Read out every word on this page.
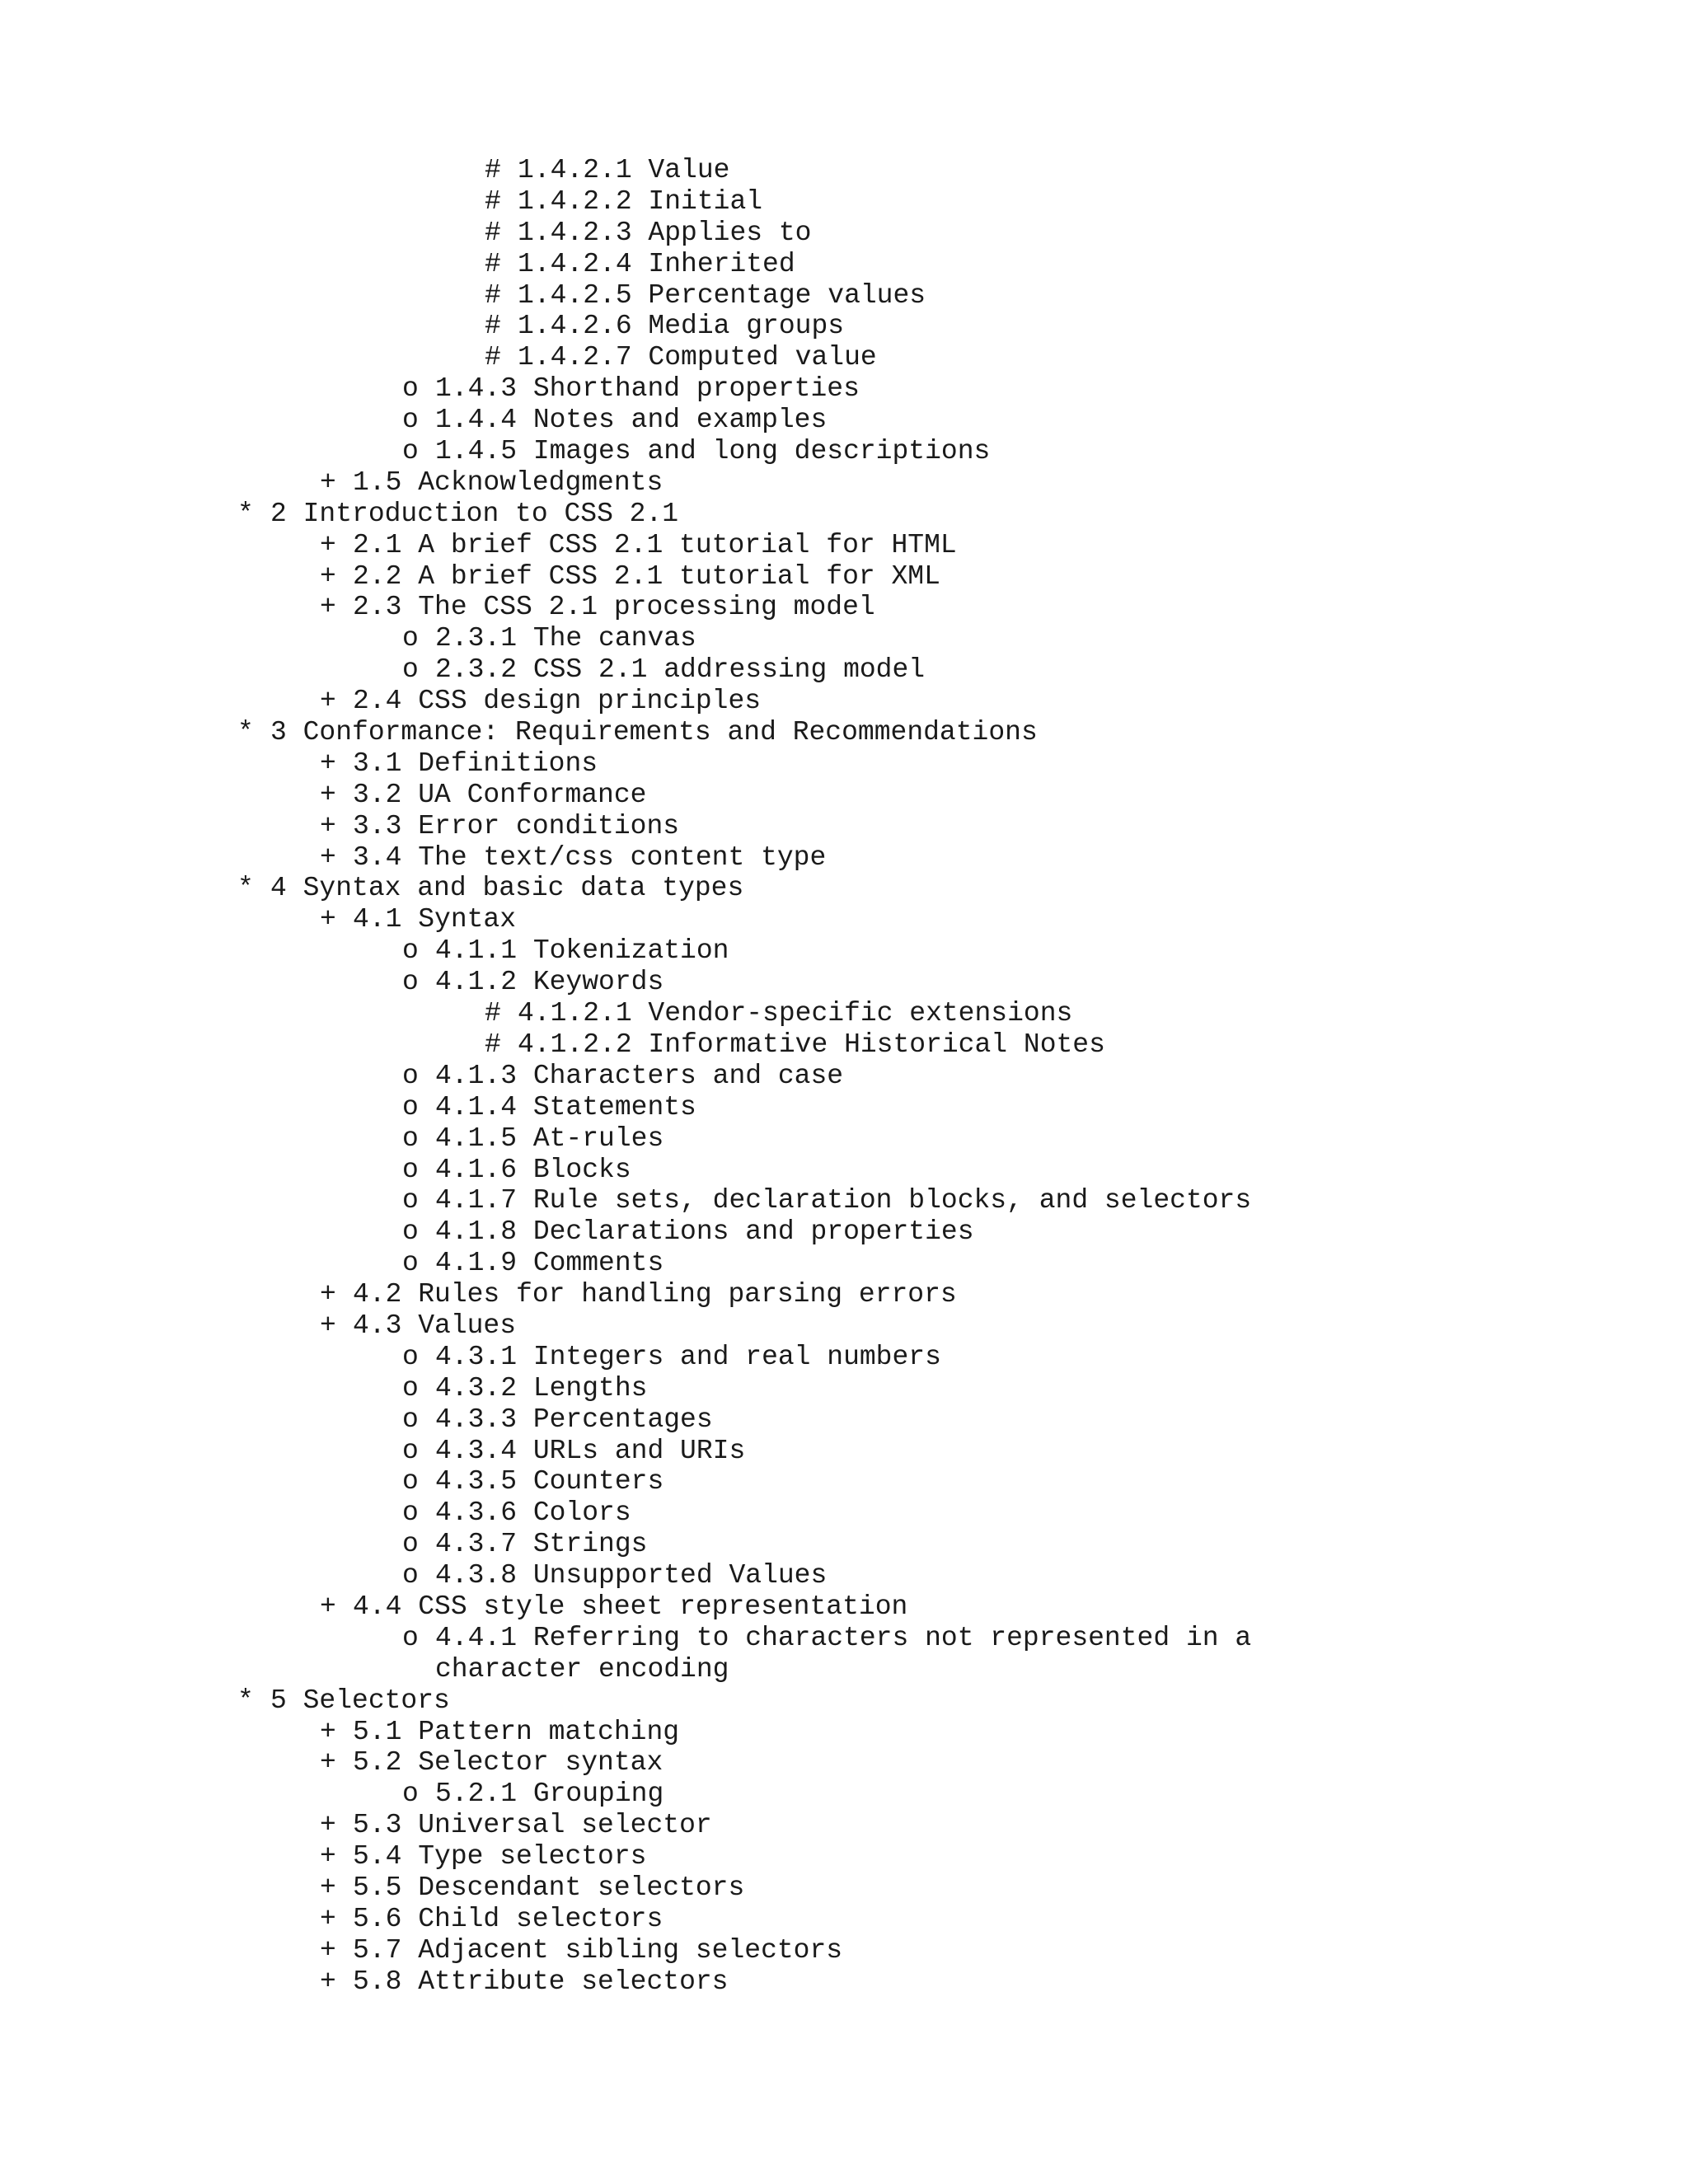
# 1.4.2.1 Value
# 1.4.2.2 Initial
# 1.4.2.3 Applies to
# 1.4.2.4 Inherited
# 1.4.2.5 Percentage values
# 1.4.2.6 Media groups
# 1.4.2.7 Computed value
o 1.4.3 Shorthand properties
o 1.4.4 Notes and examples
o 1.4.5 Images and long descriptions
+ 1.5 Acknowledgments
* 2 Introduction to CSS 2.1
+ 2.1 A brief CSS 2.1 tutorial for HTML
+ 2.2 A brief CSS 2.1 tutorial for XML
+ 2.3 The CSS 2.1 processing model
o 2.3.1 The canvas
o 2.3.2 CSS 2.1 addressing model
+ 2.4 CSS design principles
* 3 Conformance: Requirements and Recommendations
+ 3.1 Definitions
+ 3.2 UA Conformance
+ 3.3 Error conditions
+ 3.4 The text/css content type
* 4 Syntax and basic data types
+ 4.1 Syntax
o 4.1.1 Tokenization
o 4.1.2 Keywords
# 4.1.2.1 Vendor-specific extensions
# 4.1.2.2 Informative Historical Notes
o 4.1.3 Characters and case
o 4.1.4 Statements
o 4.1.5 At-rules
o 4.1.6 Blocks
o 4.1.7 Rule sets, declaration blocks, and selectors
o 4.1.8 Declarations and properties
o 4.1.9 Comments
+ 4.2 Rules for handling parsing errors
+ 4.3 Values
o 4.3.1 Integers and real numbers
o 4.3.2 Lengths
o 4.3.3 Percentages
o 4.3.4 URLs and URIs
o 4.3.5 Counters
o 4.3.6 Colors
o 4.3.7 Strings
o 4.3.8 Unsupported Values
+ 4.4 CSS style sheet representation
o 4.4.1 Referring to characters not represented in a
character encoding
* 5 Selectors
+ 5.1 Pattern matching
+ 5.2 Selector syntax
o 5.2.1 Grouping
+ 5.3 Universal selector
+ 5.4 Type selectors
+ 5.5 Descendant selectors
+ 5.6 Child selectors
+ 5.7 Adjacent sibling selectors
+ 5.8 Attribute selectors
